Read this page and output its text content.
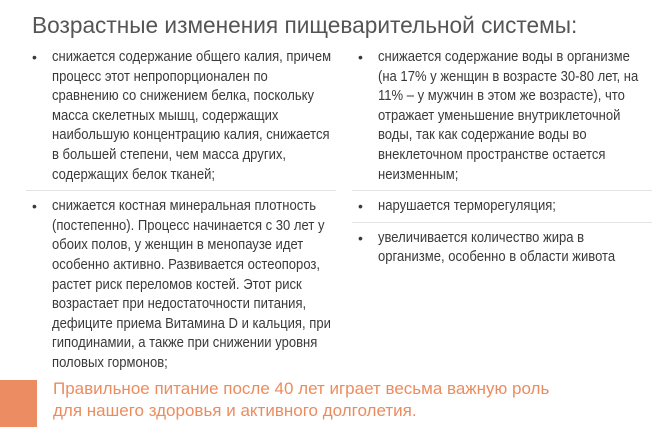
Возрастные изменения пищеварительной системы:
• снижается содержание общего калия, причем процесс этот непропорционален по сравнению со снижением белка, поскольку масса скелетных мышц, содержащих наибольшую концентрацию калия, снижается в большей степени, чем масса других, содержащих белок тканей;
• снижается костная минеральная плотность (постепенно). Процесс начинается с 30 лет у обоих полов, у женщин в менопаузе идет особенно активно. Развивается остеопороз, растет риск переломов костей. Этот риск возрастает при недостаточности питания, дефиците приема Витамина D и кальция, при гиподинамии, а также при снижении уровня половых гормонов;
• снижается содержание воды в организме (на 17% у женщин в возрасте 30-80 лет, на 11% – у мужчин в этом же возрасте), что отражает уменьшение внутриклеточной воды, так как содержание воды во внеклеточном пространстве остается неизменным;
• нарушается терморегуляция;
• увеличивается количество жира в организме, особенно в области живота
Правильное питание после 40 лет играет весьма важную роль
для нашего здоровья и активного долголетия.
